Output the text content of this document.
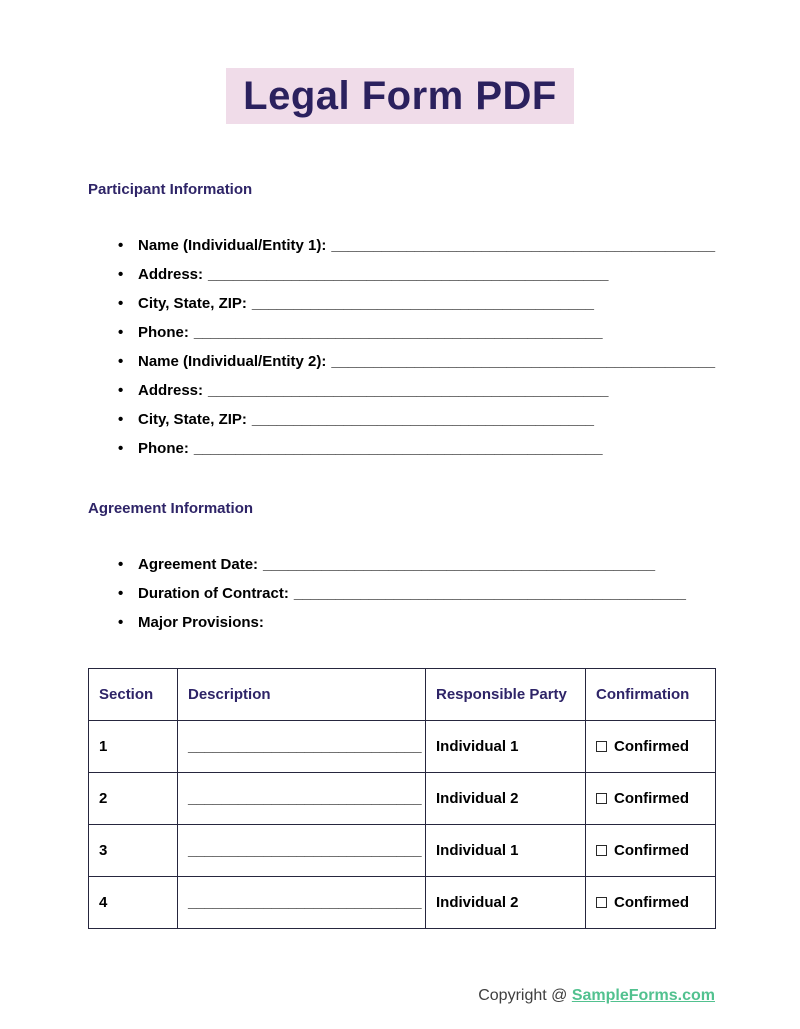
Legal Form PDF
Participant Information
• Name (Individual/Entity 1): ______________________________________________
• Address: ________________________________________________
• City, State, ZIP: _________________________________________
• Phone: _________________________________________________
• Name (Individual/Entity 2): ______________________________________________
• Address: ________________________________________________
• City, State, ZIP: _________________________________________
• Phone: _________________________________________________
Agreement Information
• Agreement Date: _______________________________________________
• Duration of Contract: _______________________________________________
• Major Provisions:
Section	Description	Responsible Party	Confirmation
1	____________________________	Individual 1	Confirmed
2	____________________________	Individual 2	Confirmed
3	____________________________	Individual 1	Confirmed
4	____________________________	Individual 2	Confirmed
Copyright @ SampleForms.com
